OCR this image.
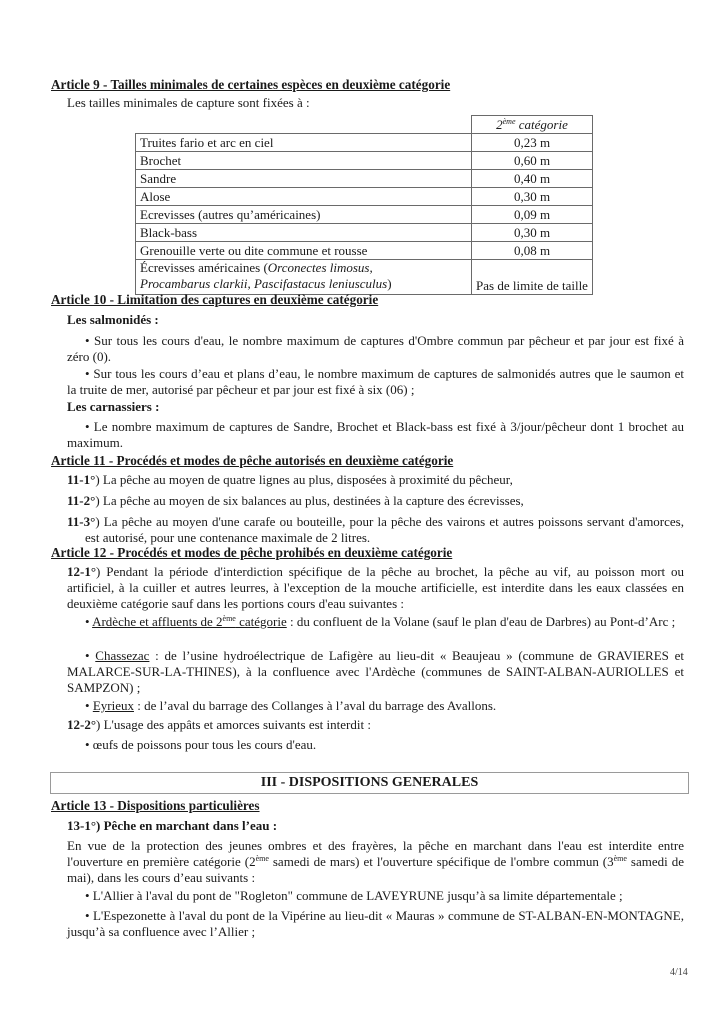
Article 9 - Tailles minimales de certaines espèces en deuxième catégorie
Les tailles minimales de capture sont fixées à :
	2ème catégorie
Truites fario et arc en ciel	0,23 m
Brochet	0,60 m
Sandre	0,40 m
Alose	0,30 m
Ecrevisses (autres qu’américaines)	0,09 m
Black-bass	0,30 m
Grenouille verte ou dite commune et rousse	0,08 m
Écrevisses américaines (Orconectes limosus,
Procambarus clarkii, Pascifastacus leniusculus)	Pas de limite de taille
Article 10 - Limitation des captures en deuxième catégorie
Les salmonidés :
• Sur tous les cours d'eau, le nombre maximum de captures d'Ombre commun par pêcheur et par jour est fixé à zéro (0).
• Sur tous les cours d’eau et plans d’eau, le nombre maximum de captures de salmonidés autres que le saumon et la truite de mer, autorisé par pêcheur et par jour est fixé à six (06) ;
Les carnassiers :
• Le nombre maximum de captures de Sandre, Brochet et Black-bass est fixé à 3/jour/pêcheur dont 1 brochet au maximum.
Article 11 - Procédés et modes de pêche autorisés en deuxième catégorie
11-1°) La pêche au moyen de quatre lignes au plus, disposées à proximité du pêcheur,
11-2°) La pêche au moyen de six balances au plus, destinées à la capture des écrevisses,
11-3°) La pêche au moyen d'une carafe ou bouteille, pour la pêche des vairons et autres poissons servant d'amorces, est autorisé, pour une contenance maximale de 2 litres.
Article 12 - Procédés et modes de pêche prohibés en deuxième catégorie
12-1°) Pendant la période d'interdiction spécifique de la pêche au brochet, la pêche au vif, au poisson mort ou artificiel, à la cuiller et autres leurres, à l'exception de la mouche artificielle, est interdite dans les eaux classées en deuxième catégorie sauf dans les portions cours d'eau suivantes :
• Ardèche et affluents de 2ème catégorie : du confluent de la Volane (sauf le plan d'eau de Darbres) au Pont-d’Arc ;
• Chassezac : de l’usine hydroélectrique de Lafigère au lieu-dit « Beaujeau » (commune de GRAVIERES et MALARCE-SUR-LA-THINES), à la confluence avec l'Ardèche (communes de SAINT-ALBAN-AURIOLLES et SAMPZON) ;
• Eyrieux : de l’aval du barrage des Collanges à l’aval du barrage des Avallons.
12-2°) L'usage des appâts et amorces suivants est interdit :
• œufs de poissons pour tous les cours d'eau.
III - DISPOSITIONS GENERALES
Article 13 - Dispositions particulières
13-1°) Pêche en marchant dans l’eau :
En vue de la protection des jeunes ombres et des frayères, la pêche en marchant dans l'eau est interdite entre l'ouverture en première catégorie (2ème samedi de mars) et l'ouverture spécifique de l'ombre commun (3ème samedi de mai), dans les cours d’eau suivants :
• L'Allier à l'aval du pont de "Rogleton" commune de LAVEYRUNE jusqu’à sa limite départementale ;
• L'Espezonette à l'aval du pont de la Vipérine au lieu-dit « Mauras » commune de ST-ALBAN-EN-MONTAGNE, jusqu’à sa confluence avec l’Allier ;
4/14
